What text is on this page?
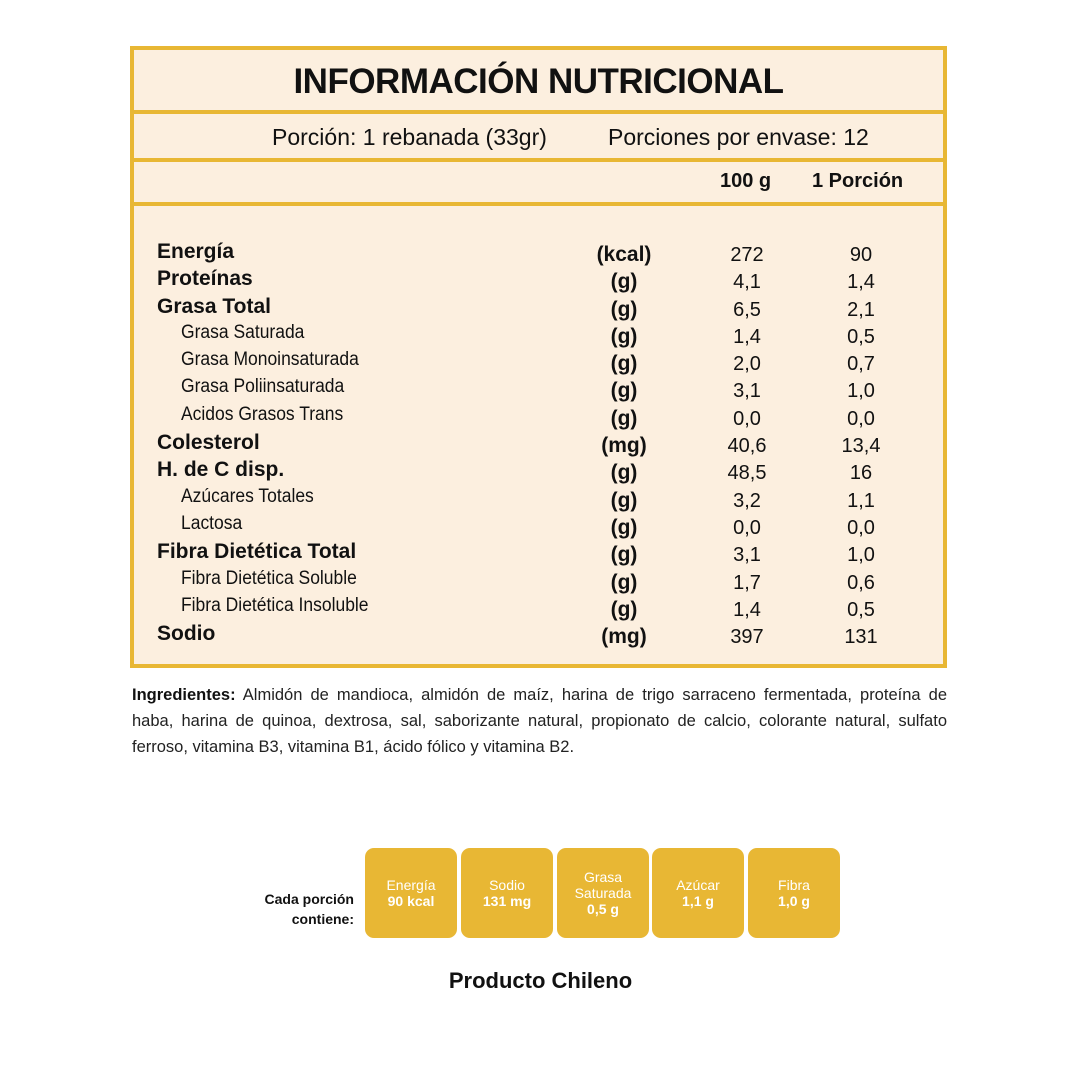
INFORMACIÓN NUTRICIONAL
Porción: 1 rebanada (33gr)	Porciones por envase: 12
100 g 1 Porción
Energía	(kcal)	272	90
Proteínas	(g)	4,1	1,4
Grasa Total	(g)	6,5	2,1
Grasa Saturada	(g)	1,4	0,5
Grasa Monoinsaturada	(g)	2,0	0,7
Grasa Poliinsaturada	(g)	3,1	1,0
Acidos Grasos Trans	(g)	0,0	0,0
Colesterol	(mg)	40,6	13,4
H. de C disp.	(g)	48,5	16
Azúcares Totales	(g)	3,2	1,1
Lactosa	(g)	0,0	0,0
Fibra Dietética Total	(g)	3,1	1,0
Fibra Dietética Soluble	(g)	1,7	0,6
Fibra Dietética Insoluble	(g)	1,4	0,5
Sodio	(mg)	397	131
Ingredientes: Almidón de mandioca, almidón de maíz, harina de trigo sarraceno fermentada, proteína de haba, harina de quinoa, dextrosa, sal, saborizante natural, propionato de calcio, colorante natural, sulfato ferroso, vitamina B3, vitamina B1, ácido fólico y vitamina B2.
Cada porción
contiene:
Energía
90 kcal
Sodio
131 mg
Grasa Saturada
0,5 g
Azúcar
1,1 g
Fibra
1,0 g
Producto Chileno
